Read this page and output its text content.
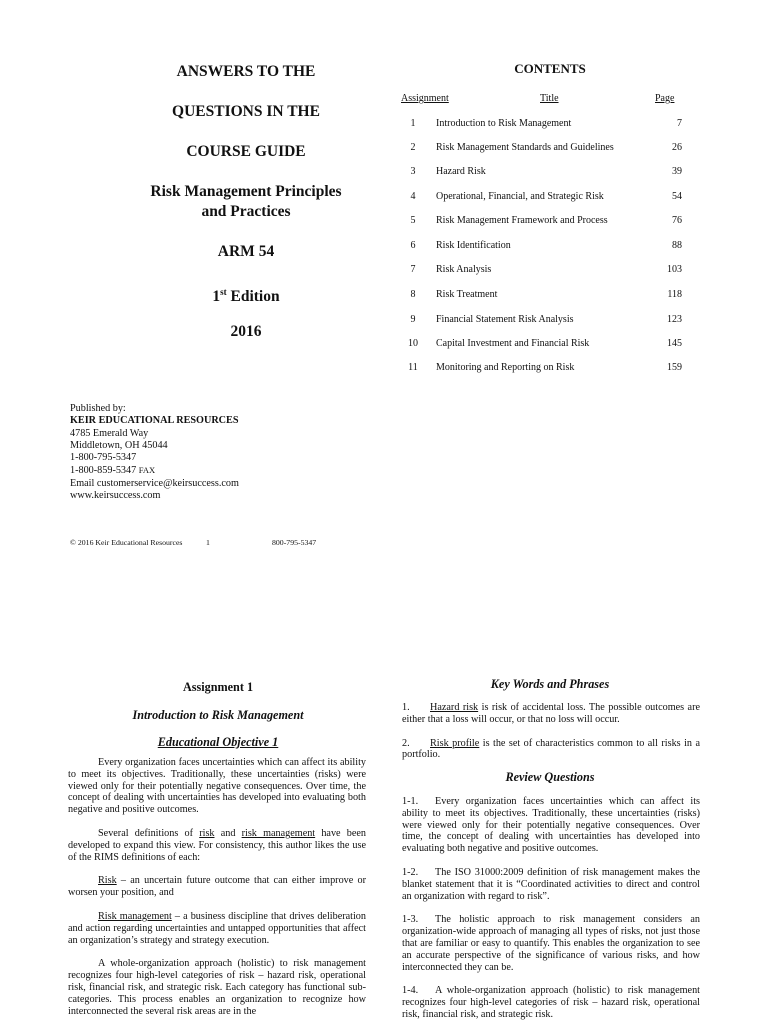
ANSWERS TO THE
QUESTIONS IN THE
COURSE GUIDE
Risk Management Principles
and Practices
ARM 54
1st Edition
2016
CONTENTS
Assignment	Title	Page
1	Introduction to Risk Management	7
2	Risk Management Standards and Guidelines	26
3	Hazard Risk	39
4	Operational, Financial, and Strategic Risk	54
5	Risk Management Framework and Process	76
6	Risk Identification	88
7	Risk Analysis	103
8	Risk Treatment	118
9	Financial Statement Risk Analysis	123
10	Capital Investment and Financial Risk	145
11	Monitoring and Reporting on Risk	159
Published by:
KEIR EDUCATIONAL RESOURCES
4785 Emerald Way
Middletown, OH 45044
1-800-795-5347
1-800-859-5347 FAX
Email customerservice@keirsuccess.com
www.keirsuccess.com
© 2016 Keir Educational Resources	1	800-795-5347
Assignment 1
Introduction to Risk Management
Educational Objective 1

Every organization faces uncertainties which can affect its ability to meet its objectives. Traditionally, these uncertainties (risks) were viewed only for their potentially negative consequences. Over time, the concept of dealing with uncertainties has developed into evaluating both negative and positive outcomes.

Several definitions of risk and risk management have been developed to expand this view. For consistency, this author likes the use of the RIMS definitions of each:

Risk – an uncertain future outcome that can either improve or worsen your position, and

Risk management – a business discipline that drives deliberation and action regarding uncertainties and untapped opportunities that affect an organization’s strategy and strategy execution.

A whole-organization approach (holistic) to risk management recognizes four high-level categories of risk – hazard risk, operational risk, financial risk, and strategic risk. Each category has functional sub-categories. This process enables an organization to recognize how interconnected the several risk areas are in the

Key Words and Phrases

1. Hazard risk is risk of accidental loss. The possible outcomes are either that a loss will occur, or that no loss will occur.

2. Risk profile is the set of characteristics common to all risks in a portfolio.

Review Questions

1-1. Every organization faces uncertainties which can affect its ability to meet its objectives. Traditionally, these uncertainties (risks) were viewed only for their potentially negative consequences. Over time, the concept of dealing with uncertainties has developed into evaluating both negative and positive outcomes.

1-2. The ISO 31000:2009 definition of risk management makes the blanket statement that it is “Coordinated activities to direct and control an organization with regard to risk”.

1-3. The holistic approach to risk management considers an organization-wide approach of managing all types of risks, not just those that are familiar or easy to quantify. This enables the organization to see an accurate perspective of the significance of various risks, and how interconnected they can be.

1-4. A whole-organization approach (holistic) to risk management recognizes four high-level categories of risk – hazard risk, operational risk, financial risk, and strategic risk.
